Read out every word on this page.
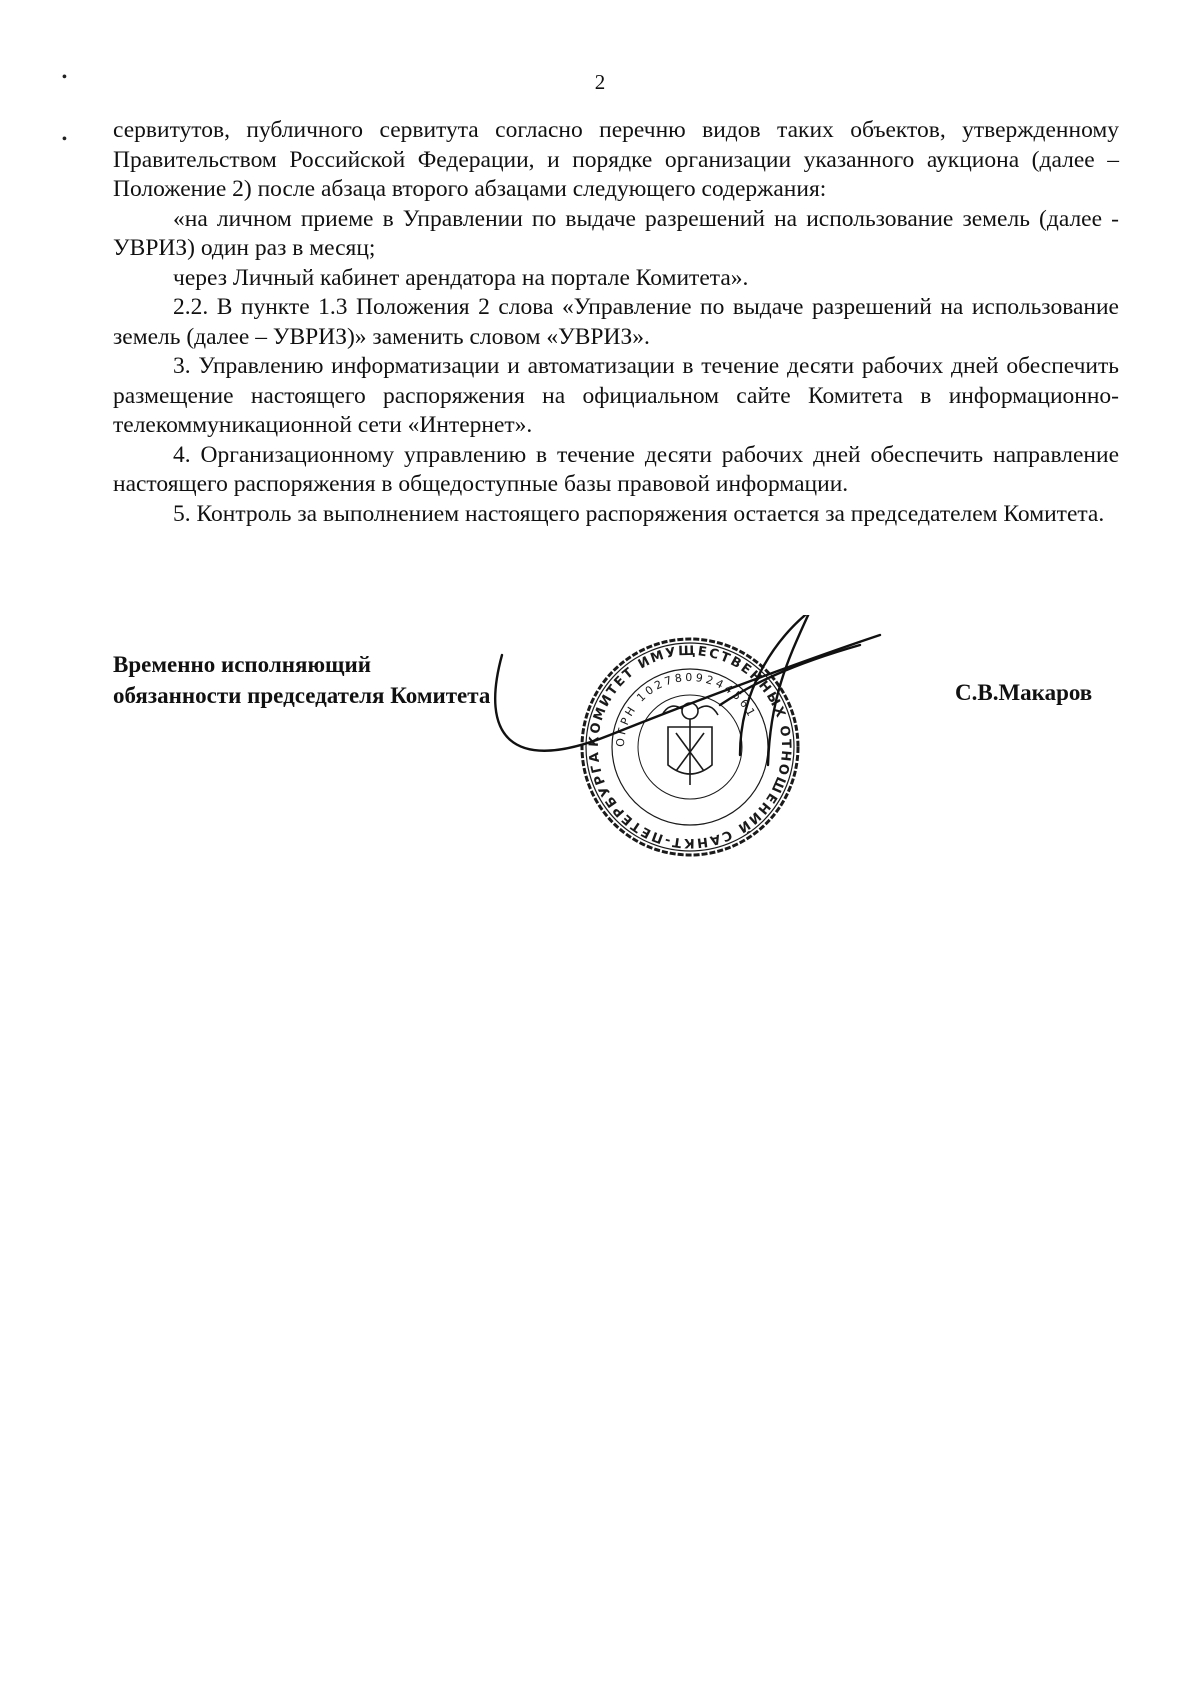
•
•
2

сервитутов, публичного сервитута согласно перечню видов таких объектов, утвержденному Правительством Российской Федерации, и порядке организации указанного аукциона (далее – Положение 2) после абзаца второго абзацами следующего содержания:

«на личном приеме в Управлении по выдаче разрешений на использование земель (далее - УВРИЗ) один раз в месяц;

через Личный кабинет арендатора на портале Комитета».

2.2. В пункте 1.3 Положения 2 слова «Управление по выдаче разрешений на использование земель (далее – УВРИЗ)» заменить словом «УВРИЗ».

3. Управлению информатизации и автоматизации в течение десяти рабочих дней обеспечить размещение настоящего распоряжения на официальном сайте Комитета в информационно-телекоммуникационной сети «Интернет».

4. Организационному управлению в течение десяти рабочих дней обеспечить направление настоящего распоряжения в общедоступные базы правовой информации.

5. Контроль за выполнением настоящего распоряжения остается за председателем Комитета.

КОМИТЕТ ИМУЩЕСТВЕННЫХ ОТНОШЕНИЙ САНКТ-ПЕТЕРБУРГА
ОГРН 1027809244561
Временно исполняющий
обязанности председателя Комитета	С.В.Макаров
